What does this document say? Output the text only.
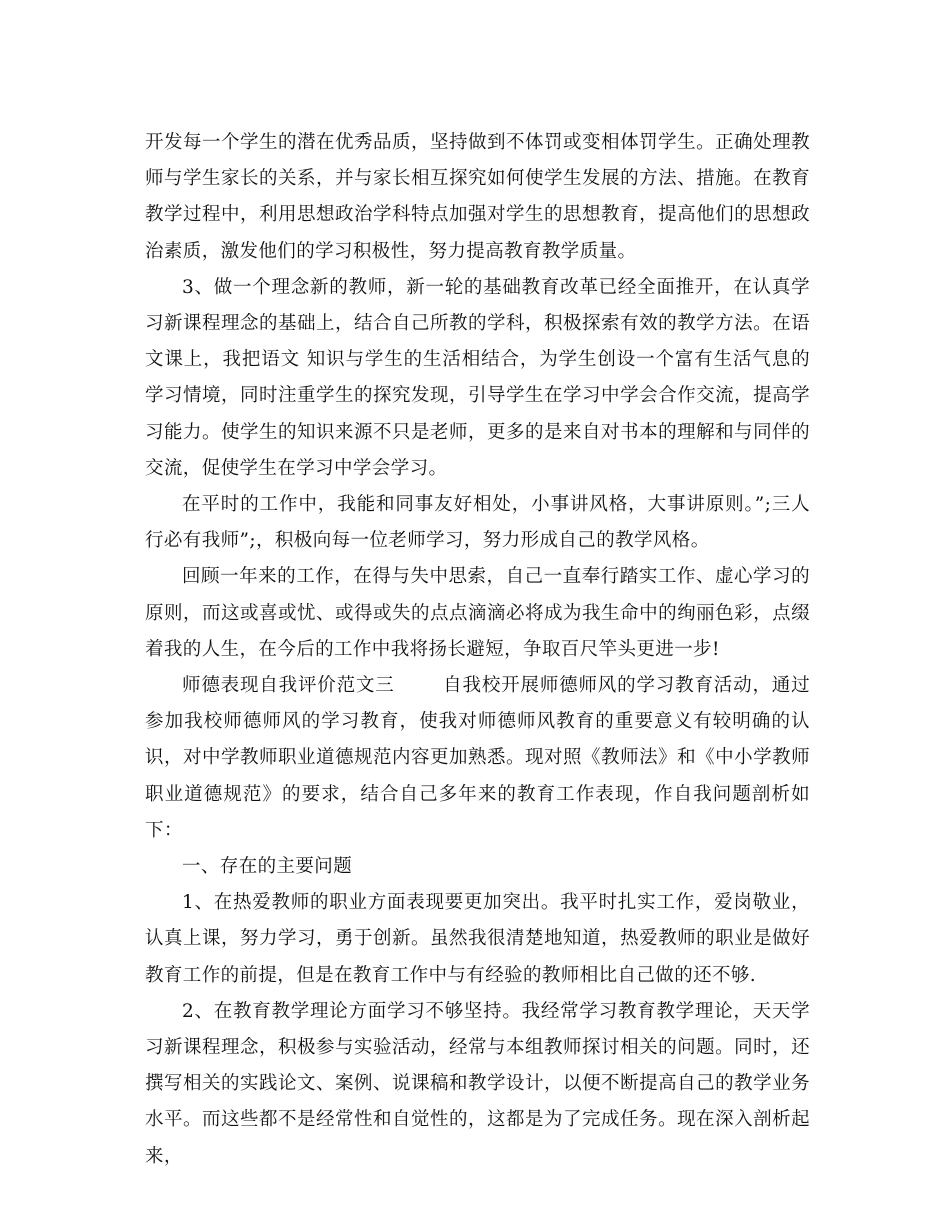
开发每一个学生的潜在优秀品质，坚持做到不体罚或变相体罚学生。正确处理教师与学生家长的关系，并与家长相互探究如何使学生发展的方法、措施。在教育教学过程中，利用思想政治学科特点加强对学生的思想教育，提高他们的思想政治素质，激发他们的学习积极性，努力提高教育教学质量。

3、做一个理念新的教师，新一轮的基础教育改革已经全面推开，在认真学习新课程理念的基础上，结合自己所教的学科，积极探索有效的教学方法。在语文课上，我把语文 知识与学生的生活相结合，为学生创设一个富有生活气息的学习情境，同时注重学生的探究发现，引导学生在学习中学会合作交流，提高学习能力。使学生的知识来源不只是老师，更多的是来自对书本的理解和与同伴的交流，促使学生在学习中学会学习。

在平时的工作中，我能和同事友好相处，小事讲风格，大事讲原则。”;三人行必有我师”;，积极向每一位老师学习，努力形成自己的教学风格。

回顾一年来的工作，在得与失中思索，自己一直奉行踏实工作、虚心学习的原则，而这或喜或忧、或得或失的点点滴滴必将成为我生命中的绚丽色彩，点缀着我的人生，在今后的工作中我将扬长避短，争取百尺竿头更进一步!

师德表现自我评价范文三	自我校开展师德师风的学习教育活动，通过参加我校师德师风的学习教育，使我对师德师风教育的重要意义有较明确的认识，对中学教师职业道德规范内容更加熟悉。现对照《教师法》和《中小学教师职业道德规范》的要求，结合自己多年来的教育工作表现，作自我问题剖析如下：

一、存在的主要问题

1、在热爱教师的职业方面表现要更加突出。我平时扎实工作，爱岗敬业，认真上课，努力学习，勇于创新。虽然我很清楚地知道，热爱教师的职业是做好教育工作的前提，但是在教育工作中与有经验的教师相比自己做的还不够.

2、在教育教学理论方面学习不够坚持。我经常学习教育教学理论，天天学习新课程理念，积极参与实验活动，经常与本组教师探讨相关的问题。同时，还撰写相关的实践论文、案例、说课稿和教学设计，以便不断提高自己的教学业务水平。而这些都不是经常性和自觉性的，这都是为了完成任务。现在深入剖析起来，
